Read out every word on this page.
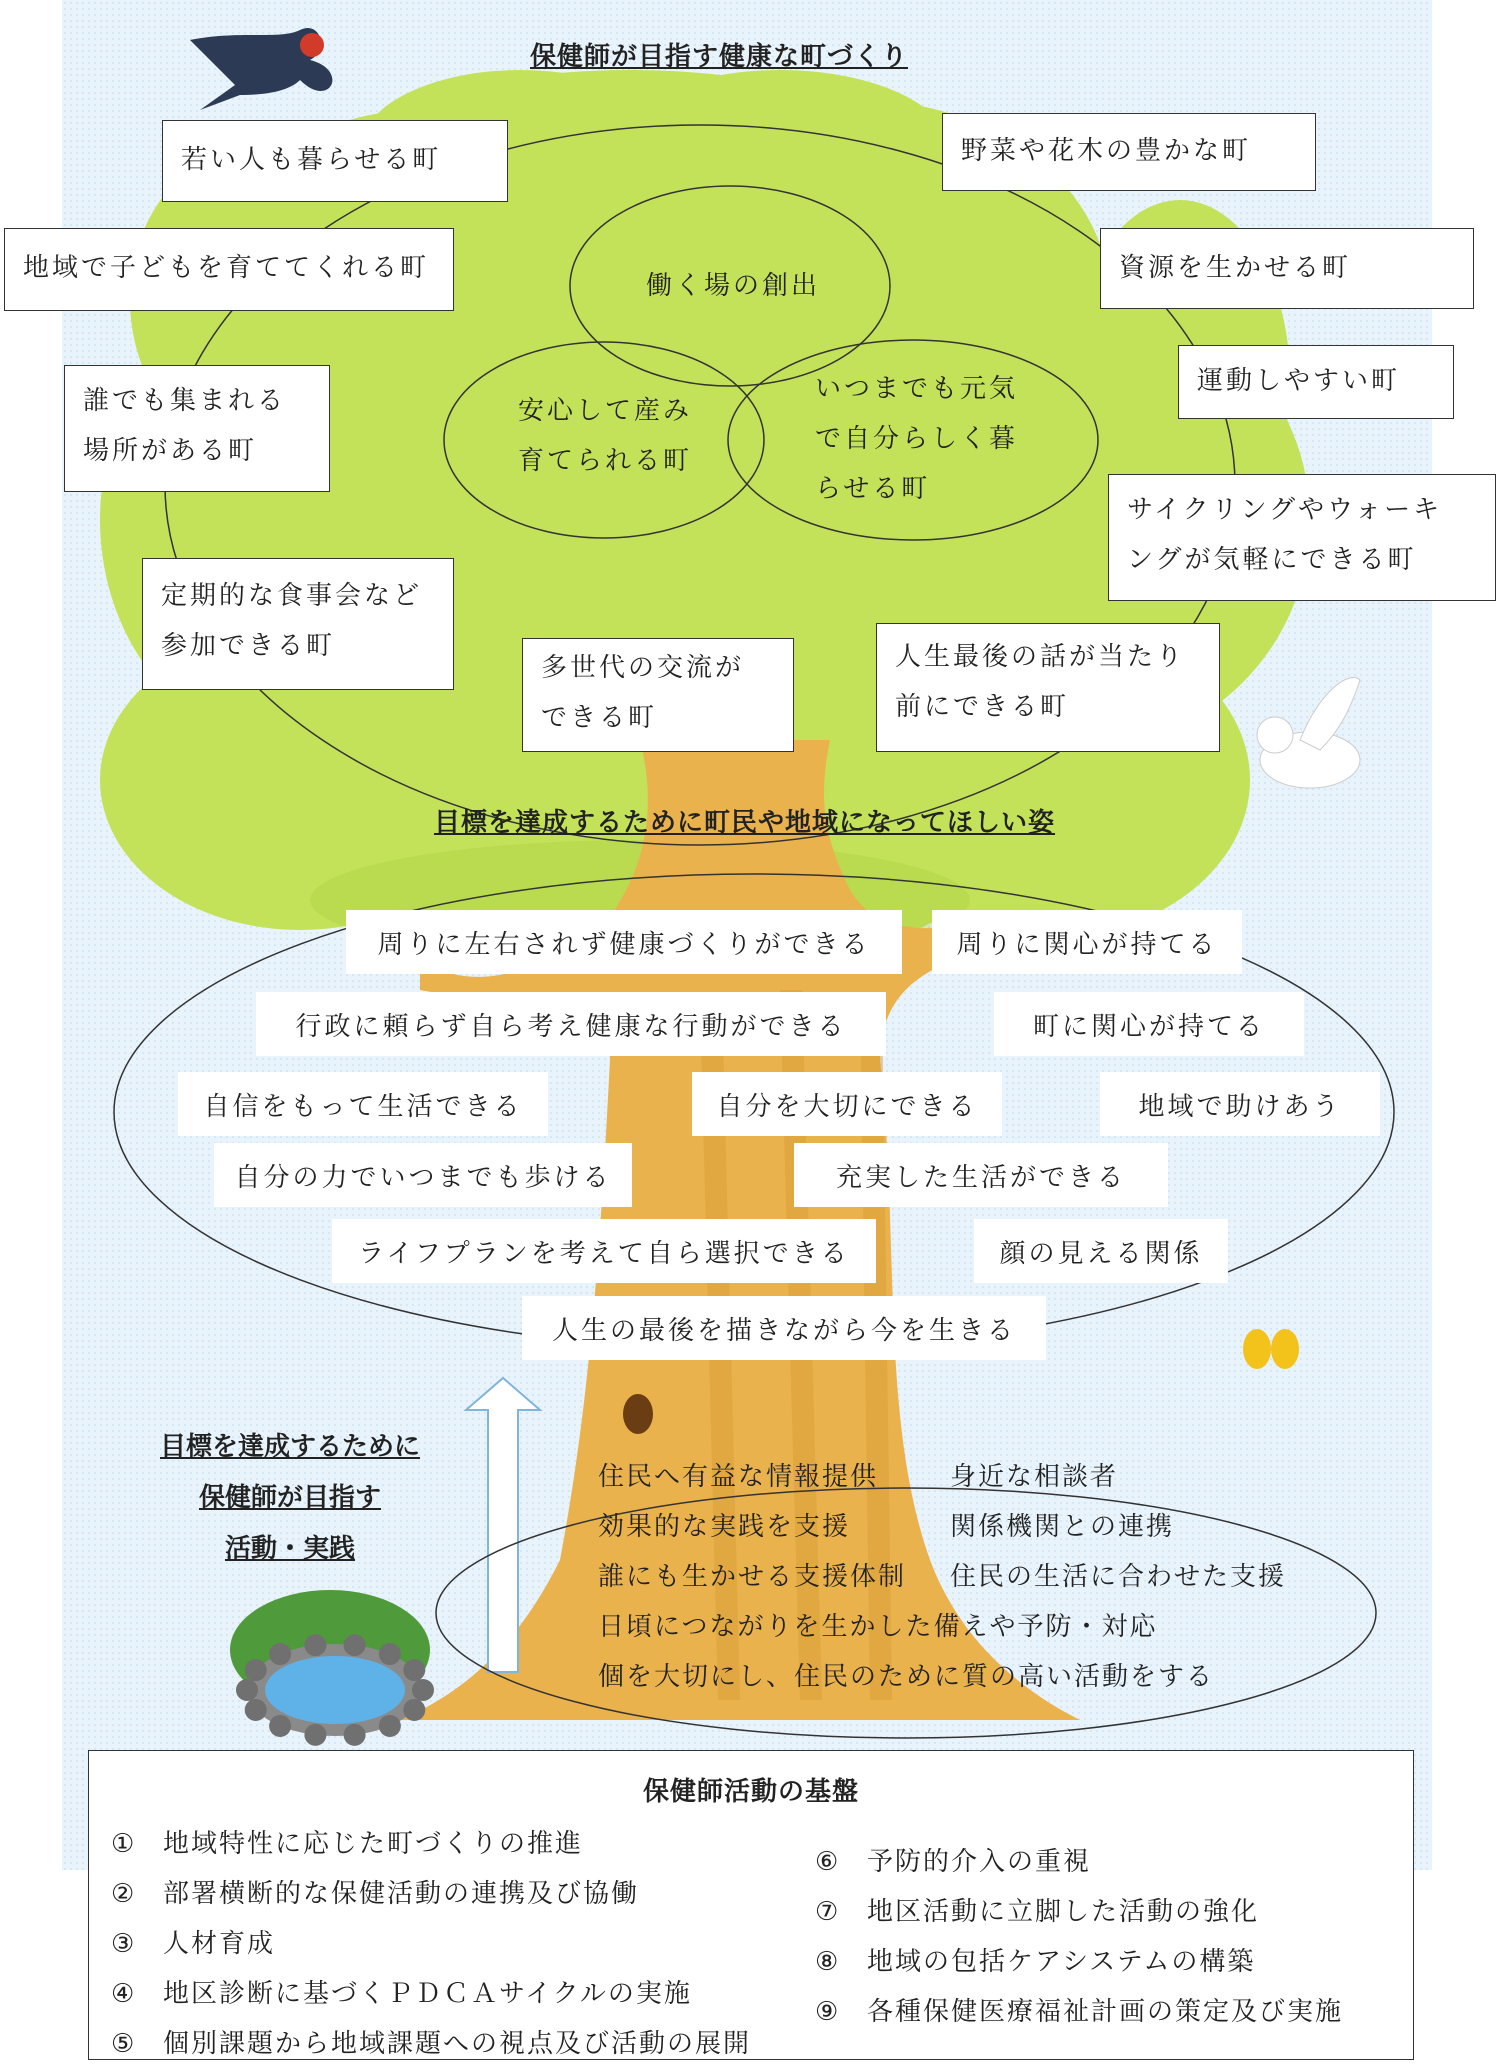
保健師が目指す健康な町づくり
働く場の創出
安心して産み
育てられる町
いつまでも元気
で自分らしく暮
らせる町
若い人も暮らせる町	野菜や花木の豊かな町
地域で子どもを育ててくれる町	資源を生かせる町
誰でも集まれる
場所がある町
運動しやすい町
サイクリングやウォーキ
ングが気軽にできる町
定期的な食事会など
参加できる町
多世代の交流が
できる町
人生最後の話が当たり
前にできる町
目標を達成するために町民や地域になってほしい姿
周りに左右されず健康づくりができる	周りに関心が持てる
行政に頼らず自ら考え健康な行動ができる	町に関心が持てる
自信をもって生活できる	自分を大切にできる	地域で助けあう
自分の力でいつまでも歩ける	充実した生活ができる
ライフプランを考えて自ら選択できる	顔の見える関係
人生の最後を描きながら今を生きる
目標を達成するために
保健師が目指す
活動・実践
住民へ有益な情報提供	身近な相談者
効果的な実践を支援	関係機関との連携
誰にも生かせる支援体制 住民の生活に合わせた支援
日頃につながりを生かした備えや予防・対応
個を大切にし、住民のために質の高い活動をする
保健師活動の基盤
① 地域特性に応じた町づくりの推進
② 部署横断的な保健活動の連携及び協働
③ 人材育成
④ 地区診断に基づくＰＤＣＡサイクルの実施
⑤ 個別課題から地域課題への視点及び活動の展開
⑥ 予防的介入の重視
⑦ 地区活動に立脚した活動の強化
⑧ 地域の包括ケアシステムの構築
⑨ 各種保健医療福祉計画の策定及び実施
